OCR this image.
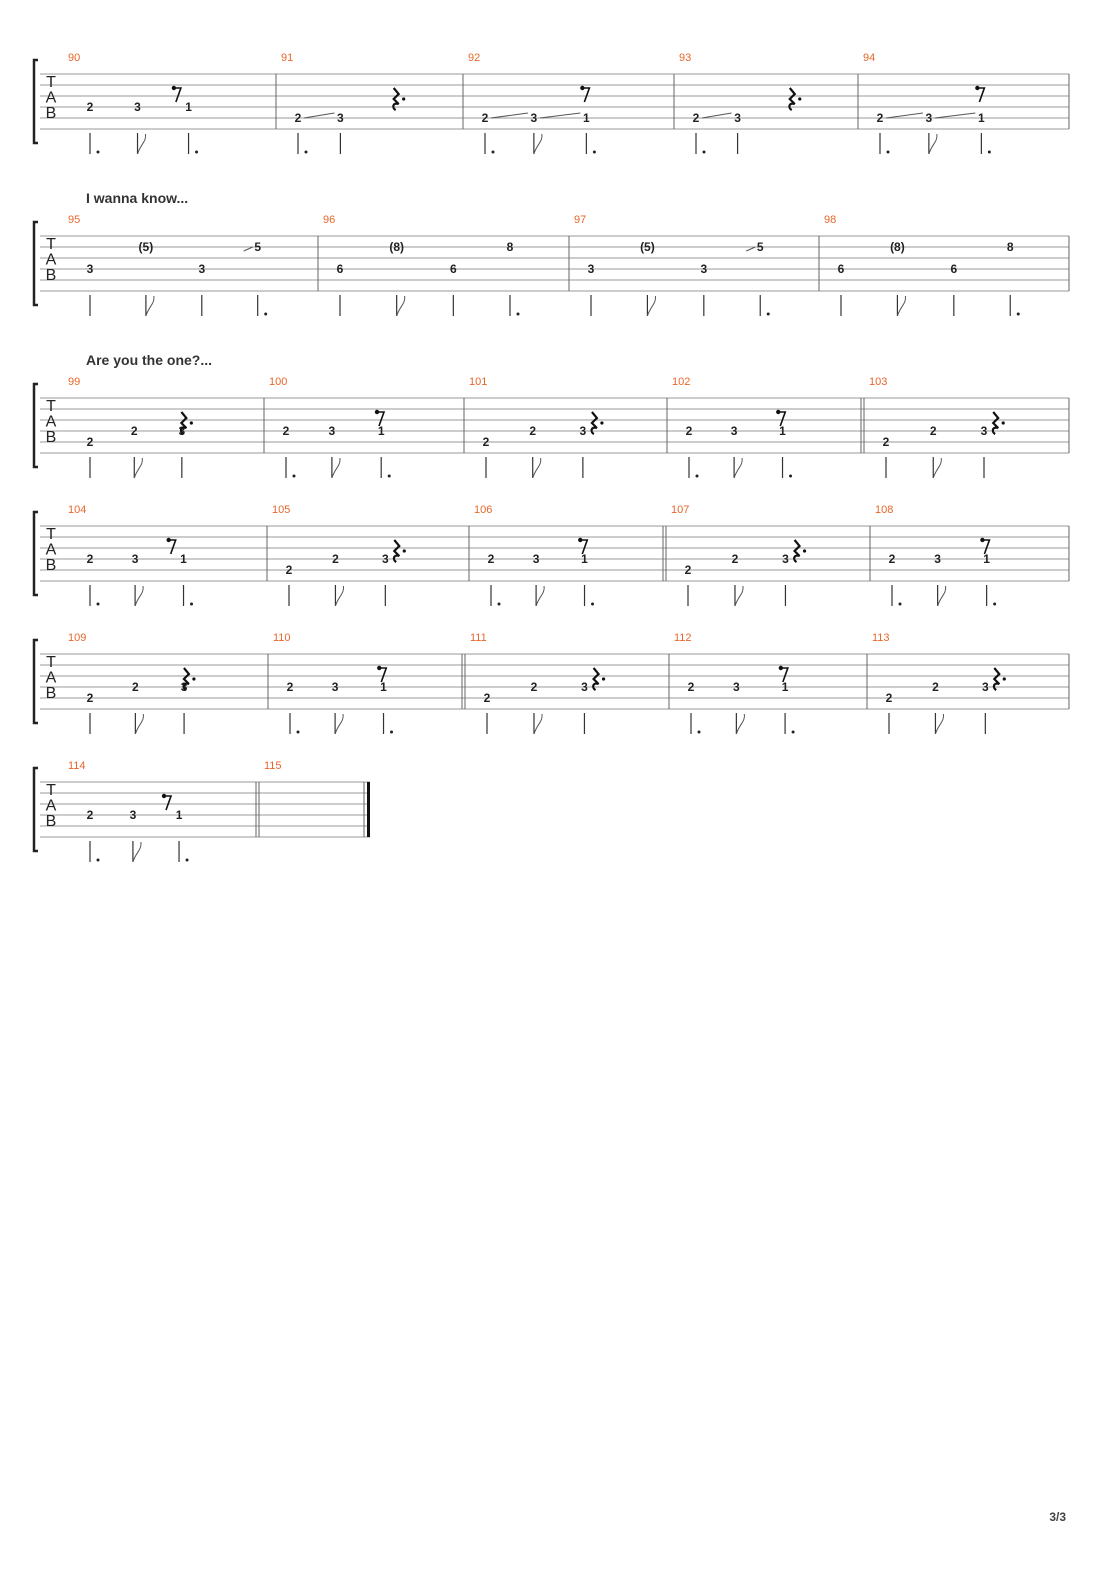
3/3
T
A
B
90
2	3	1
91
2	3
92
2	3	1
93
2	3
94
2	3	1
T
A
B
I wanna know...
95
3
(5)
3
5
96
6
(8)
6
8
97
3
(5)
3
5
98
6
(8)
6
8
T
A
B
Are you the one?...
99
2
2	3
100
2	3	1
101
2
2	3
102
2	3	1
103
2
2	3
T
A
B
104
2	3	1
105
2
2	3
106
2	3	1
107
2
2	3
108
2	3	1
T
A
B
109
2
2	3
110
2	3	1
111
2
2	3
112
2	3	1
113
2
2	3
T
A
B
114
2	3	1
115
